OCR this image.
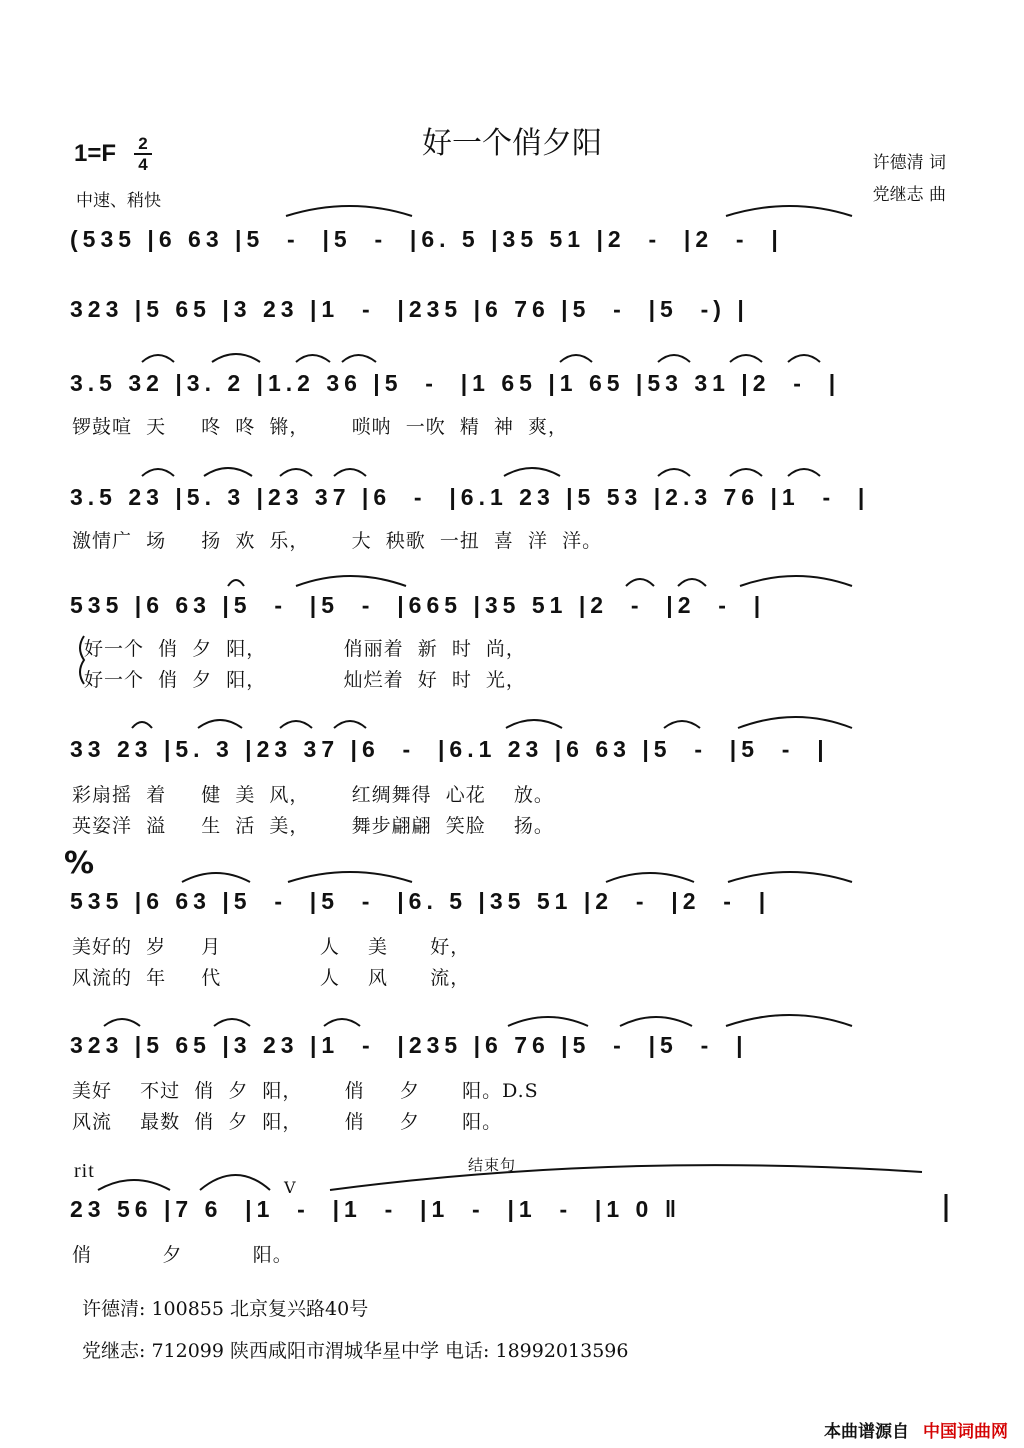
好一个俏夕阳
1=F 2
4
中速、稍快
许德清 词
党继志 曲
(535 |6 63 |5  -  |5  -  |6. 5 |35 51 |2  -  |2  -  |
323 |5 65 |3 23 |1  -  |235 |6 76 |5  -  |5  -) |
3.5 32 |3. 2 |1.2 36 |5  -  |1 65 |1 65 |53 31 |2  -  |
锣鼓喧  天     咚  咚  锵，      唢呐  一吹  精  神  爽，
3.5 23 |5. 3 |23 37 |6  -  |6.1 23 |5 53 |2.3 76 |1  -  |
激情广  场     扬  欢  乐，      大  秧歌  一扭  喜  洋  洋。
535 |6 63 |5  -  |5  -  |665 |35 51 |2  -  |2  -  |
好一个  俏  夕  阳，           俏丽着  新  时  尚，
好一个  俏  夕  阳，           灿烂着  好  时  光，
33 23 |5. 3 |23 37 |6  -  |6.1 23 |6 63 |5  -  |5  -  |
彩扇摇  着     健  美  风，      红绸舞得  心花    放。
英姿洋  溢     生  活  美，      舞步翩翩  笑脸    扬。
%
535 |6 63 |5  -  |5  -  |6. 5 |35 51 |2  -  |2  -  |
美好的  岁     月              人    美      好，
风流的  年     代              人    风      流，
323 |5 65 |3 23 |1  -  |235 |6 76 |5  -  |5  -  |
美好    不过  俏  夕  阳，      俏     夕      阳。D.S
风流    最数  俏  夕  阳，      俏     夕      阳。
rit	结束句
V
23 56 |7 6  |1  -  |1  -  |1  -  |1  -  |1 0 ‖
俏          夕          阳。
许德清: 100855 北京复兴路40号
党继志: 712099 陕西咸阳市渭城华星中学 电话: 18992013596
本曲谱源自 中国词曲网
